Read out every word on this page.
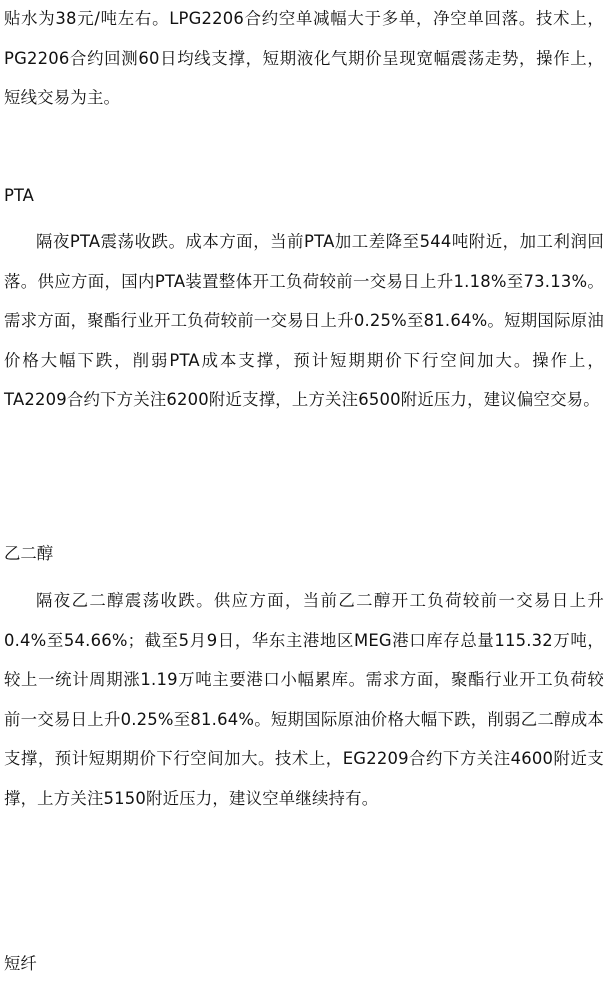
贴水为38元/吨左右。LPG2206合约空单减幅大于多单，净空单回落。技术上，PG2206合约回测60日均线支撑，短期液化气期价呈现宽幅震荡走势，操作上，短线交易为主。

PTA

隔夜PTA震荡收跌。成本方面，当前PTA加工差降至544吨附近，加工利润回落。供应方面，国内PTA装置整体开工负荷较前一交易日上升1.18%至73.13%。需求方面，聚酯行业开工负荷较前一交易日上升0.25%至81.64%。短期国际原油价格大幅下跌，削弱PTA成本支撑，预计短期期价下行空间加大。操作上，TA2209合约下方关注6200附近支撑，上方关注6500附近压力，建议偏空交易。

乙二醇

隔夜乙二醇震荡收跌。供应方面，当前乙二醇开工负荷较前一交易日上升0.4%至54.66%；截至5月9日，华东主港地区MEG港口库存总量115.32万吨，较上一统计周期涨1.19万吨主要港口小幅累库。需求方面，聚酯行业开工负荷较前一交易日上升0.25%至81.64%。短期国际原油价格大幅下跌，削弱乙二醇成本支撑，预计短期期价下行空间加大。技术上，EG2209合约下方关注4600附近支撑，上方关注5150附近压力，建议空单继续持有。

短纤
